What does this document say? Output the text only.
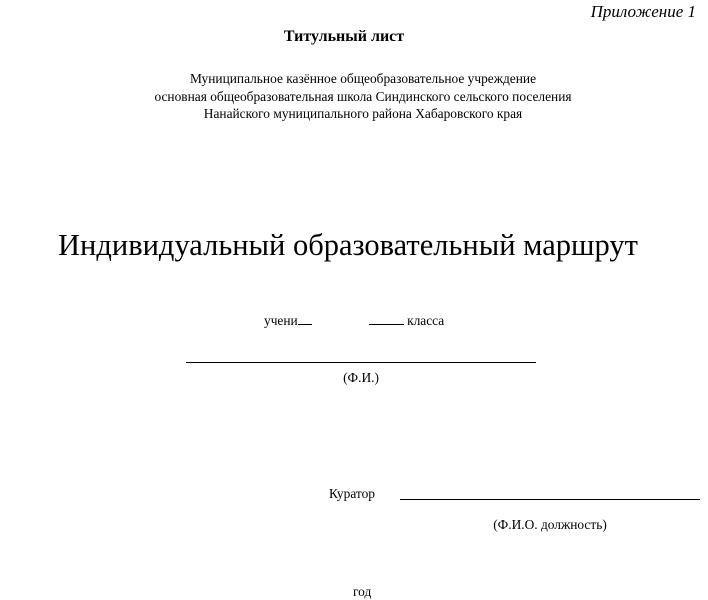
Приложение 1
Титульный лист
Муниципальное казённое общеобразовательное учреждение
основная общеобразовательная школа Синдинского сельского поселения
Нанайского муниципального района Хабаровского края
Индивидуальный образовательный маршрут
учени	класса
(Ф.И.)
Куратор
(Ф.И.О. должность)
год
